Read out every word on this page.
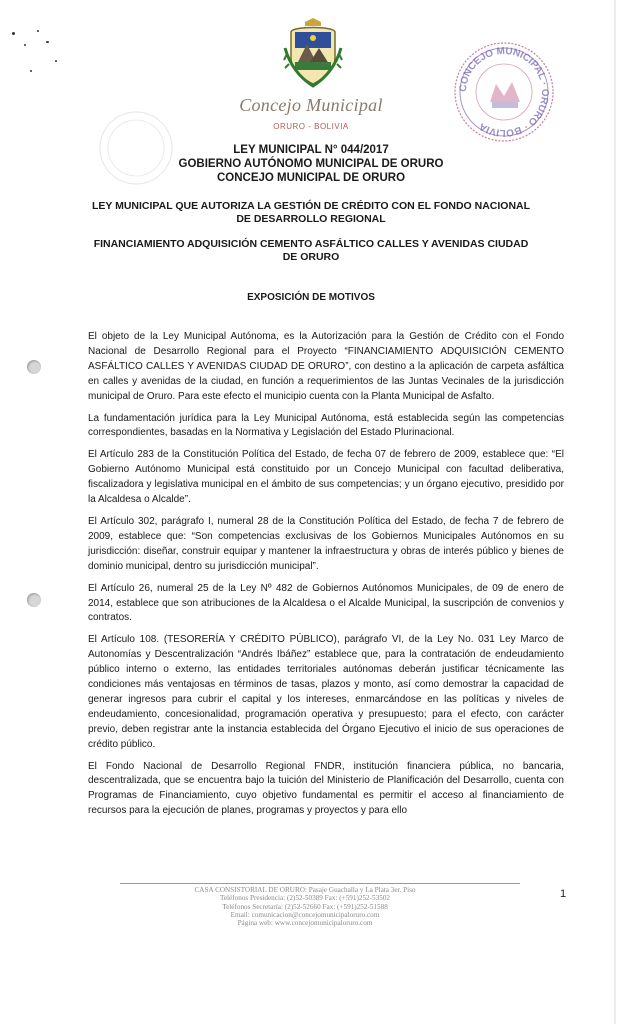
Concejo Municipal
ORURO - BOLIVIA
CONCEJO MUNICIPAL · ORURO · BOLIVIA
LEY MUNICIPAL N° 044/2017
GOBIERNO AUTÓNOMO MUNICIPAL DE ORURO
CONCEJO MUNICIPAL DE ORURO
LEY MUNICIPAL QUE AUTORIZA LA GESTIÓN DE CRÉDITO CON EL FONDO NACIONAL DE DESARROLLO REGIONAL
FINANCIAMIENTO ADQUISICIÓN CEMENTO ASFÁLTICO CALLES Y AVENIDAS CIUDAD DE ORURO
EXPOSICIÓN DE MOTIVOS

El objeto de la Ley Municipal Autónoma, es la Autorización para la Gestión de Crédito con el Fondo Nacional de Desarrollo Regional para el Proyecto “FINANCIAMIENTO ADQUISICIÓN CEMENTO ASFÁLTICO CALLES Y AVENIDAS CIUDAD DE ORURO”, con destino a la aplicación de carpeta asfáltica en calles y avenidas de la ciudad, en función a requerimientos de las Juntas Vecinales de la jurisdicción municipal de Oruro. Para este efecto el municipio cuenta con la Planta Municipal de Asfalto.

La fundamentación jurídica para la Ley Municipal Autónoma, está establecida según las competencias correspondientes, basadas en la Normativa y Legislación del Estado Plurinacional.

El Artículo 283 de la Constitución Política del Estado, de fecha 07 de febrero de 2009, establece que: “El Gobierno Autónomo Municipal está constituido por un Concejo Municipal con facultad deliberativa, fiscalizadora y legislativa municipal en el ámbito de sus competencias; y un órgano ejecutivo, presidido por la Alcaldesa o Alcalde”.

El Artículo 302, parágrafo I, numeral 28 de la Constitución Política del Estado, de fecha 7 de febrero de 2009, establece que: “Son competencias exclusivas de los Gobiernos Municipales Autónomos en su jurisdicción: diseñar, construir equipar y mantener la infraestructura y obras de interés público y bienes de dominio municipal, dentro su jurisdicción municipal”.

El Artículo 26, numeral 25 de la Ley Nº 482 de Gobiernos Autónomos Municipales, de 09 de enero de 2014, establece que son atribuciones de la Alcaldesa o el Alcalde Municipal, la suscripción de convenios y contratos.

El Artículo 108. (TESORERÍA Y CRÉDITO PÚBLICO), parágrafo VI, de la Ley No. 031 Ley Marco de Autonomías y Descentralización “Andrés Ibáñez” establece que, para la contratación de endeudamiento público interno o externo, las entidades territoriales autónomas deberán justificar técnicamente las condiciones más ventajosas en términos de tasas, plazos y monto, así como demostrar la capacidad de generar ingresos para cubrir el capital y los intereses, enmarcándose en las políticas y niveles de endeudamiento, concesionalidad, programación operativa y presupuesto; para el efecto, con carácter previo, deben registrar ante la instancia establecida del Órgano Ejecutivo el inicio de sus operaciones de crédito público.

El Fondo Nacional de Desarrollo Regional FNDR, institución financiera pública, no bancaria, descentralizada, que se encuentra bajo la tuición del Ministerio de Planificación del Desarrollo, cuenta con Programas de Financiamiento, cuyo objetivo fundamental es permitir el acceso al financiamiento de recursos para la ejecución de planes, programas y proyectos y para ello

CASA CONSISTORIAL DE ORURO: Pasaje Guachalla y La Plata 3er. Piso
Teléfonos Presidencia: (2)52-50389 Fax: (+591)252-53502
Teléfonos Secretaría: (2)52-52660 Fax: (+591)252-51588
Email: comunicacion@concejomunicipaloruro.com
Página web: www.concejomunicipaloruro.com
1
